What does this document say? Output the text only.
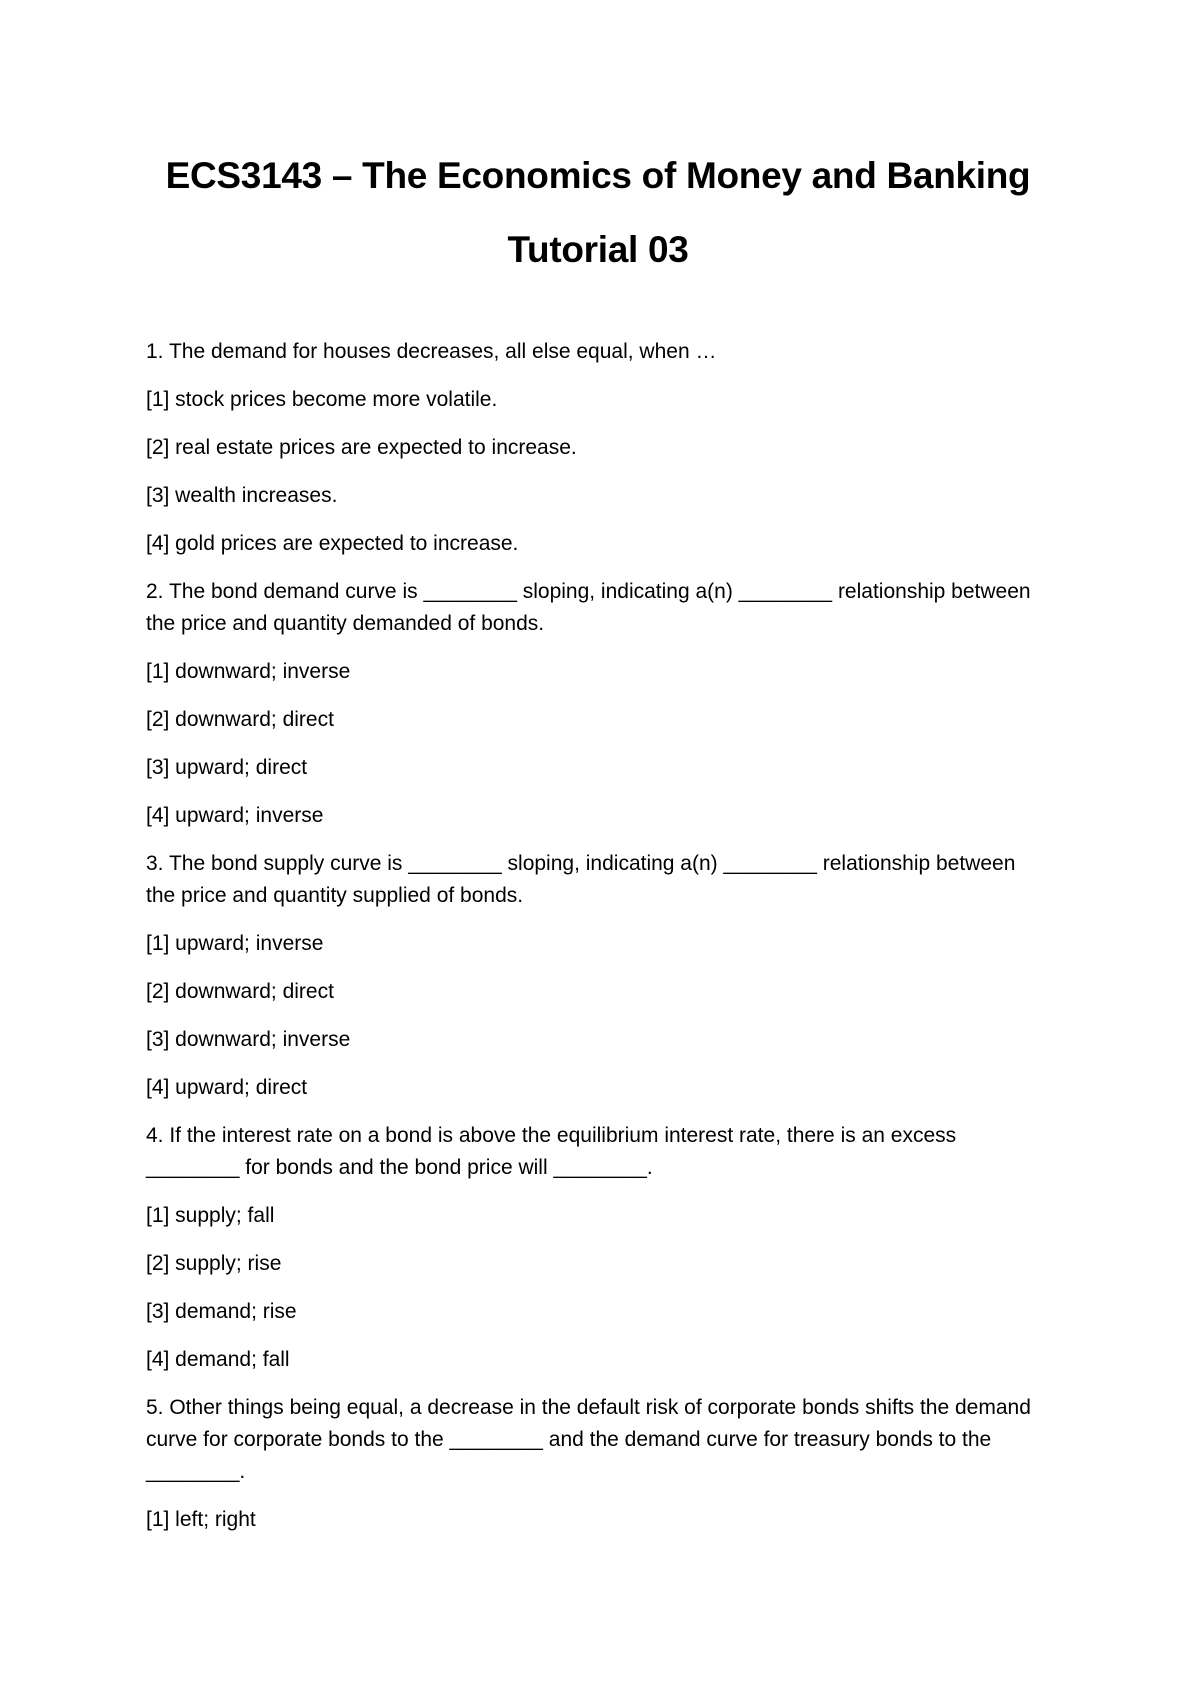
ECS3143 – The Economics of Money and Banking
Tutorial 03

1. The demand for houses decreases, all else equal, when …

[1] stock prices become more volatile.

[2] real estate prices are expected to increase.

[3] wealth increases.

[4] gold prices are expected to increase.

2. The bond demand curve is ________ sloping, indicating a(n) ________ relationship between the price and quantity demanded of bonds.

[1] downward; inverse

[2] downward; direct

[3] upward; direct

[4] upward; inverse

3. The bond supply curve is ________ sloping, indicating a(n) ________ relationship between the price and quantity supplied of bonds.

[1] upward; inverse

[2] downward; direct

[3] downward; inverse

[4] upward; direct

4. If the interest rate on a bond is above the equilibrium interest rate, there is an excess ________ for bonds and the bond price will ________.

[1] supply; fall

[2] supply; rise

[3] demand; rise

[4] demand; fall

5. Other things being equal, a decrease in the default risk of corporate bonds shifts the demand curve for corporate bonds to the ________ and the demand curve for treasury bonds to the ________.

[1] left; right
